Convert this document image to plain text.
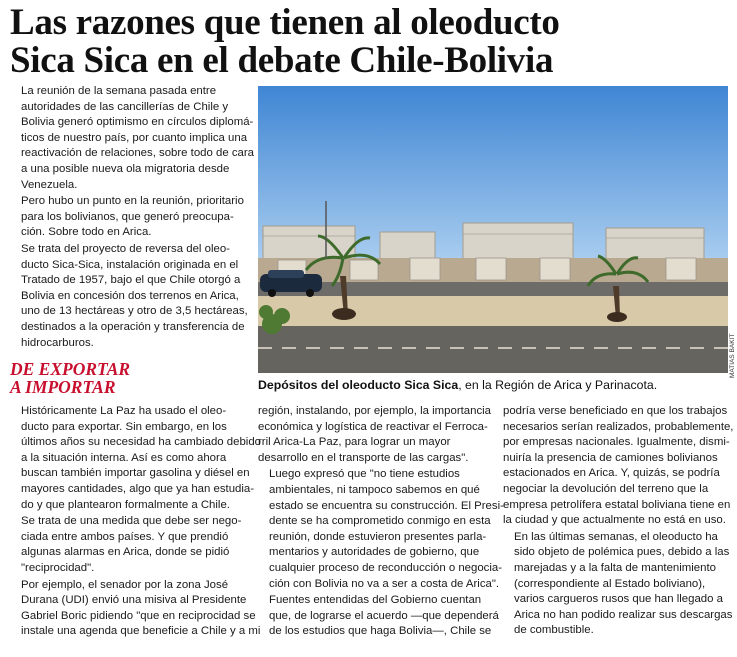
Las razones que tienen al oleoducto
Sica Sica en el debate Chile-Bolivia

La reunión de la semana pasada entre
autoridades de las cancillerías de Chile y
Bolivia generó optimismo en círculos diplomá-
ticos de nuestro país, por cuanto implica una
reactivación de relaciones, sobre todo de cara
a una posible nueva ola migratoria desde
Venezuela.

Pero hubo un punto en la reunión, prioritario
para los bolivianos, que generó preocupa-
ción. Sobre todo en Arica.

Se trata del proyecto de reversa del oleo-
ducto Sica-Sica, instalación originada en el
Tratado de 1957, bajo el que Chile otorgó a
Bolivia en concesión dos terrenos en Arica,
uno de 13 hectáreas y otro de 3,5 hectáreas,
destinados a la operación y transferencia de
hidrocarburos.

DE EXPORTAR
A IMPORTAR

Históricamente La Paz ha usado el oleo-
ducto para exportar. Sin embargo, en los
últimos años su necesidad ha cambiado debido
a la situación interna. Así es como ahora
buscan también importar gasolina y diésel en
mayores cantidades, algo que ya han estudia-
do y que plantearon formalmente a Chile.

Se trata de una medida que debe ser nego-
ciada entre ambos países. Y que prendió
algunas alarmas en Arica, donde se pidió
"reciprocidad".

Por ejemplo, el senador por la zona José
Durana (UDI) envió una misiva al Presidente
Gabriel Boric pidiendo "que en reciprocidad se
instale una agenda que beneficie a Chile y a mi

región, instalando, por ejemplo, la importancia
económica y logística de reactivar el Ferroca-
rril Arica-La Paz, para lograr un mayor
desarrollo en el transporte de las cargas".

Luego expresó que "no tiene estudios
ambientales, ni tampoco sabemos en qué
estado se encuentra su construcción. El Presi-
dente se ha comprometido conmigo en esta
reunión, donde estuvieron presentes parla-
mentarios y autoridades de gobierno, que
cualquier proceso de reconducción o negocia-
ción con Bolivia no va a ser a costa de Arica".

Fuentes entendidas del Gobierno cuentan
que, de lograrse el acuerdo —que dependerá
de los estudios que haga Bolivia—, Chile se

podría verse beneficiado en que los trabajos
necesarios serían realizados, probablemente,
por empresas nacionales. Igualmente, dismi-
nuiría la presencia de camiones bolivianos
estacionados en Arica. Y, quizás, se podría
negociar la devolución del terreno que la
empresa petrolífera estatal boliviana tiene en
la ciudad y que actualmente no está en uso.

En las últimas semanas, el oleoducto ha
sido objeto de polémica pues, debido a las
marejadas y a la falta de mantenimiento
(correspondiente al Estado boliviano),
varios cargueros rusos que han llegado a
Arica no han podido realizar sus descargas
de combustible.

MATIAS BAKIT
Depósitos del oleoducto Sica Sica, en la Región de Arica y Parinacota.
